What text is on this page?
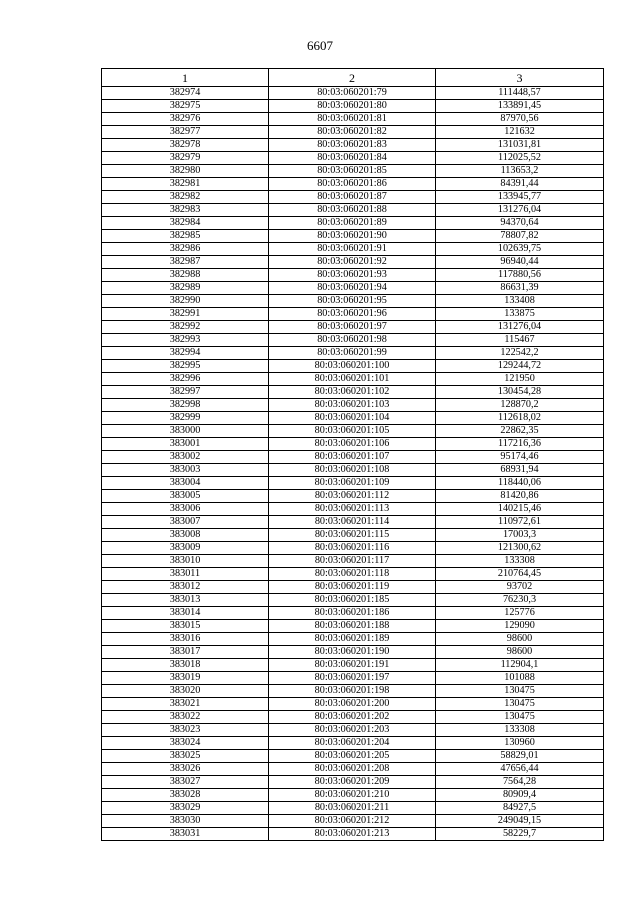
6607
1	2	3
382974	80:03:060201:79	111448,57
382975	80:03:060201:80	133891,45
382976	80:03:060201:81	87970,56
382977	80:03:060201:82	121632
382978	80:03:060201:83	131031,81
382979	80:03:060201:84	112025,52
382980	80:03:060201:85	113653,2
382981	80:03:060201:86	84391,44
382982	80:03:060201:87	133945,77
382983	80:03:060201:88	131276,04
382984	80:03:060201:89	94370,64
382985	80:03:060201:90	78807,82
382986	80:03:060201:91	102639,75
382987	80:03:060201:92	96940,44
382988	80:03:060201:93	117880,56
382989	80:03:060201:94	86631,39
382990	80:03:060201:95	133408
382991	80:03:060201:96	133875
382992	80:03:060201:97	131276,04
382993	80:03:060201:98	115467
382994	80:03:060201:99	122542,2
382995	80:03:060201:100	129244,72
382996	80:03:060201:101	121950
382997	80:03:060201:102	130454,28
382998	80:03:060201:103	128870,2
382999	80:03:060201:104	112618,02
383000	80:03:060201:105	22862,35
383001	80:03:060201:106	117216,36
383002	80:03:060201:107	95174,46
383003	80:03:060201:108	68931,94
383004	80:03:060201:109	118440,06
383005	80:03:060201:112	81420,86
383006	80:03:060201:113	140215,46
383007	80:03:060201:114	110972,61
383008	80:03:060201:115	17003,3
383009	80:03:060201:116	121300,62
383010	80:03:060201:117	133308
383011	80:03:060201:118	210764,45
383012	80:03:060201:119	93702
383013	80:03:060201:185	76230,3
383014	80:03:060201:186	125776
383015	80:03:060201:188	129090
383016	80:03:060201:189	98600
383017	80:03:060201:190	98600
383018	80:03:060201:191	112904,1
383019	80:03:060201:197	101088
383020	80:03:060201:198	130475
383021	80:03:060201:200	130475
383022	80:03:060201:202	130475
383023	80:03:060201:203	133308
383024	80:03:060201:204	130960
383025	80:03:060201:205	58829,01
383026	80:03:060201:208	47656,44
383027	80:03:060201:209	7564,28
383028	80:03:060201:210	80909,4
383029	80:03:060201:211	84927,5
383030	80:03:060201:212	249049,15
383031	80:03:060201:213	58229,7
